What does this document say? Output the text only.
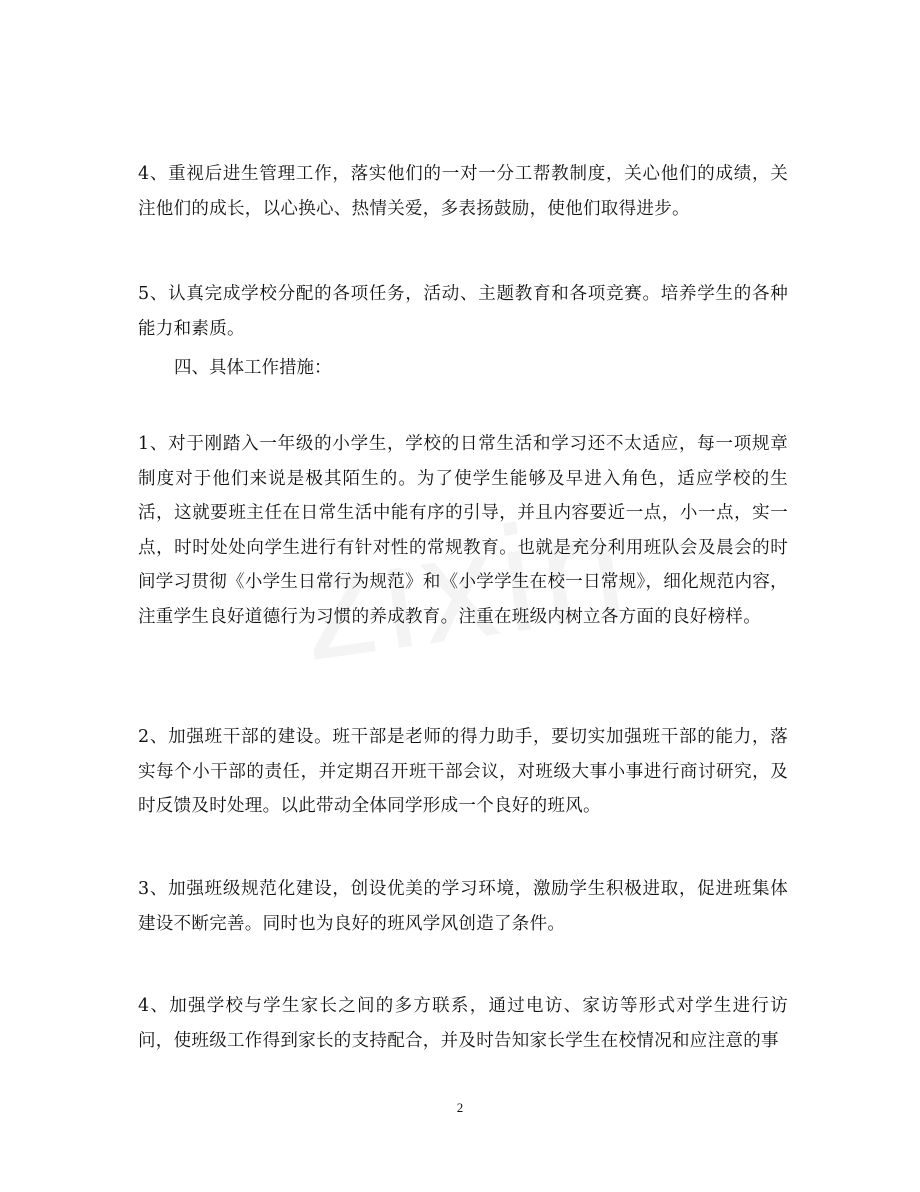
4、重视后进生管理工作，落实他们的一对一分工帮教制度，关心他们的成绩，关注他们的成长，以心换心、热情关爱，多表扬鼓励，使他们取得进步。

5、认真完成学校分配的各项任务，活动、主题教育和各项竞赛。培养学生的各种能力和素质。

四、具体工作措施：

1、对于刚踏入一年级的小学生，学校的日常生活和学习还不太适应，每一项规章制度对于他们来说是极其陌生的。为了使学生能够及早进入角色，适应学校的生活，这就要班主任在日常生活中能有序的引导，并且内容要近一点，小一点，实一点，时时处处向学生进行有针对性的常规教育。也就是充分利用班队会及晨会的时间学习贯彻《小学生日常行为规范》和《小学学生在校一日常规》，细化规范内容，注重学生良好道德行为习惯的养成教育。注重在班级内树立各方面的良好榜样。

2、加强班干部的建设。班干部是老师的得力助手，要切实加强班干部的能力，落实每个小干部的责任，并定期召开班干部会议，对班级大事小事进行商讨研究，及时反馈及时处理。以此带动全体同学形成一个良好的班风。

3、加强班级规范化建设，创设优美的学习环境，激励学生积极进取，促进班集体建设不断完善。同时也为良好的班风学风创造了条件。

4、加强学校与学生家长之间的多方联系，通过电访、家访等形式对学生进行访问，使班级工作得到家长的支持配合，并及时告知家长学生在校情况和应注意的事

2
